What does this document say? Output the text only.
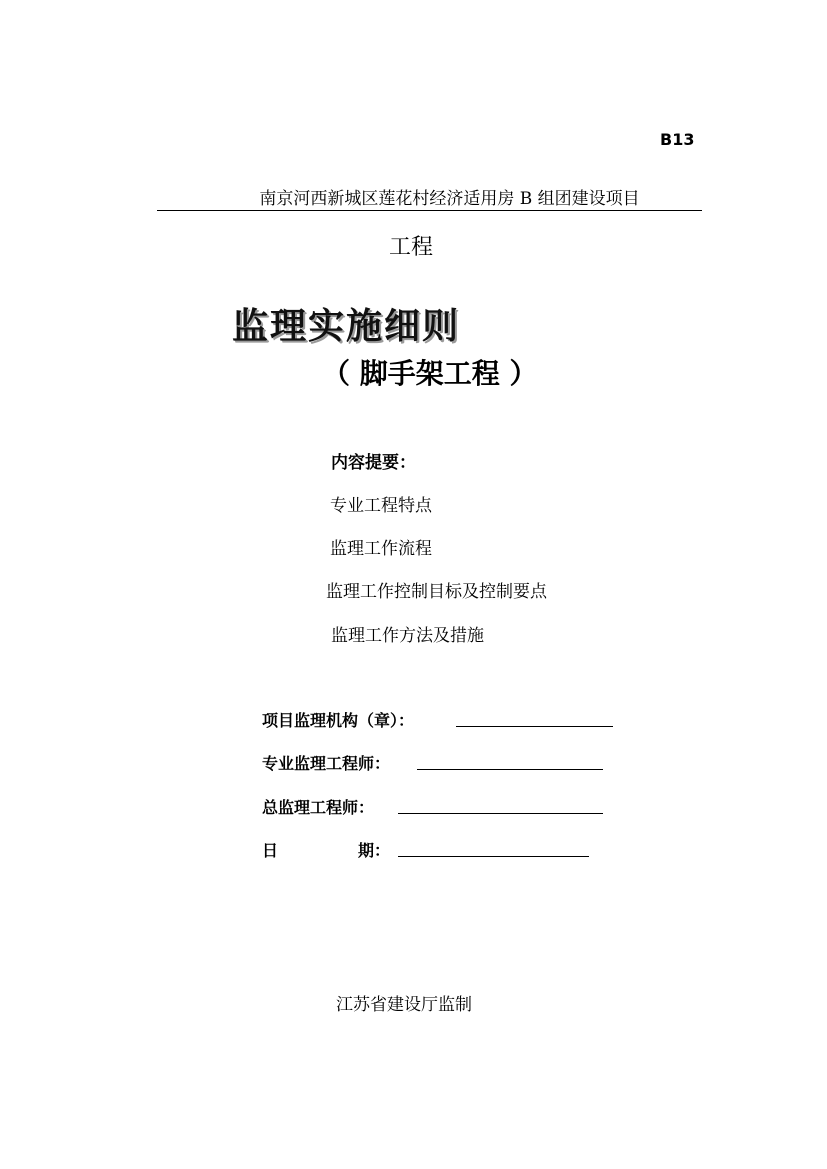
B13
南京河西新城区莲花村经济适用房 B 组团建设项目
工程
监理实施细则
（ 脚手架工程 ）
内容提要：
专业工程特点
监理工作流程
监理工作控制目标及控制要点
监理工作方法及措施
项目监理机构（章）：
专业监理工程师：
总监理工程师：
日	期：
江苏省建设厅监制
